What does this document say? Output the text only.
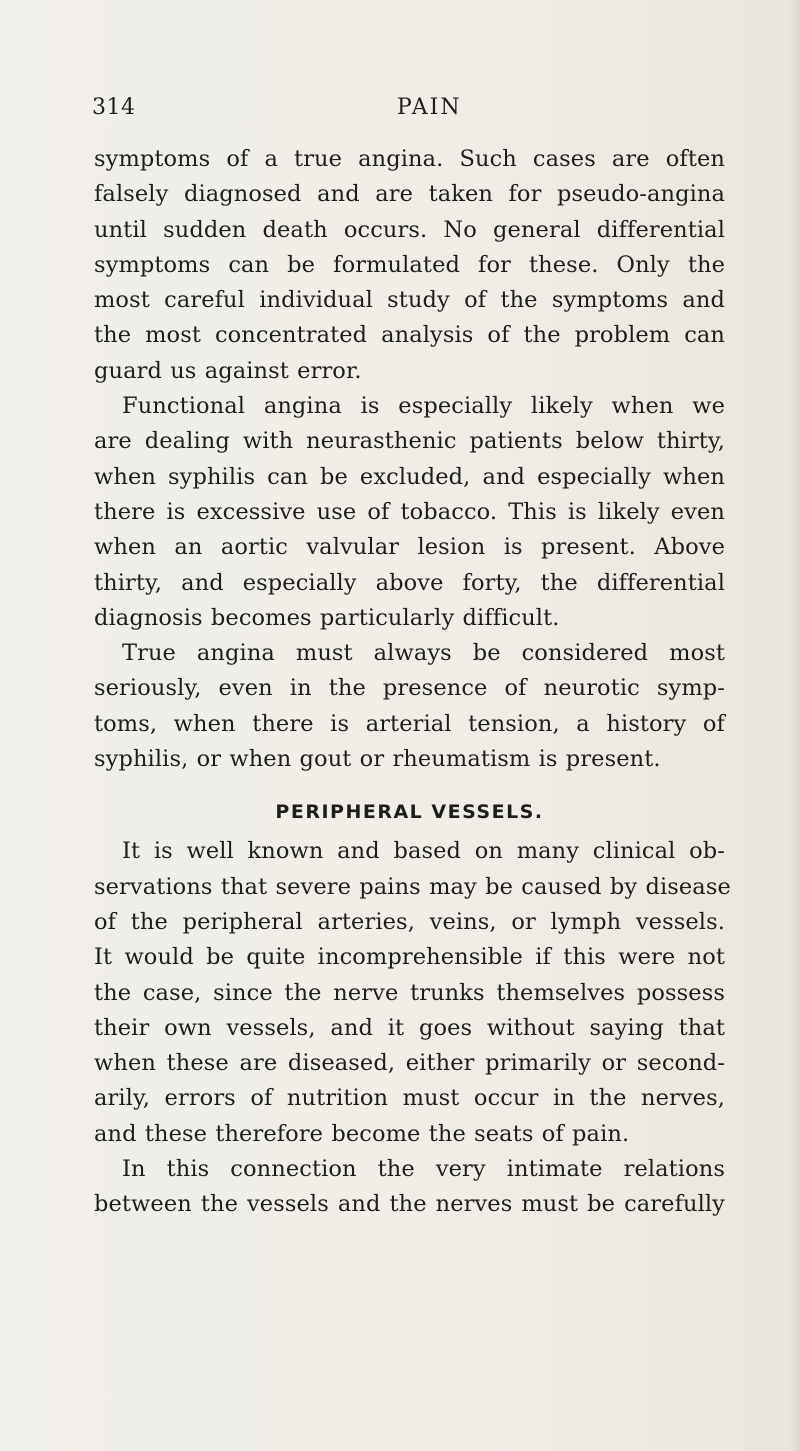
314	PAIN
symptoms of a true angina. Such cases are often
falsely diagnosed and are taken for pseudo-angina
until sudden death occurs. No general differential
symptoms can be formulated for these. Only the
most careful individual study of the symptoms and
the most concentrated analysis of the problem can
guard us against error.
Functional angina is especially likely when we
are dealing with neurasthenic patients below thirty,
when syphilis can be excluded, and especially when
there is excessive use of tobacco. This is likely even
when an aortic valvular lesion is present. Above
thirty, and especially above forty, the differential
diagnosis becomes particularly difficult.
True angina must always be considered most
seriously, even in the presence of neurotic symp-
toms, when there is arterial tension, a history of
syphilis, or when gout or rheumatism is present.
PERIPHERAL VESSELS.
It is well known and based on many clinical ob-
servations that severe pains may be caused by disease
of the peripheral arteries, veins, or lymph vessels.
It would be quite incomprehensible if this were not
the case, since the nerve trunks themselves possess
their own vessels, and it goes without saying that
when these are diseased, either primarily or second-
arily, errors of nutrition must occur in the nerves,
and these therefore become the seats of pain.
In this connection the very intimate relations
between the vessels and the nerves must be carefully
